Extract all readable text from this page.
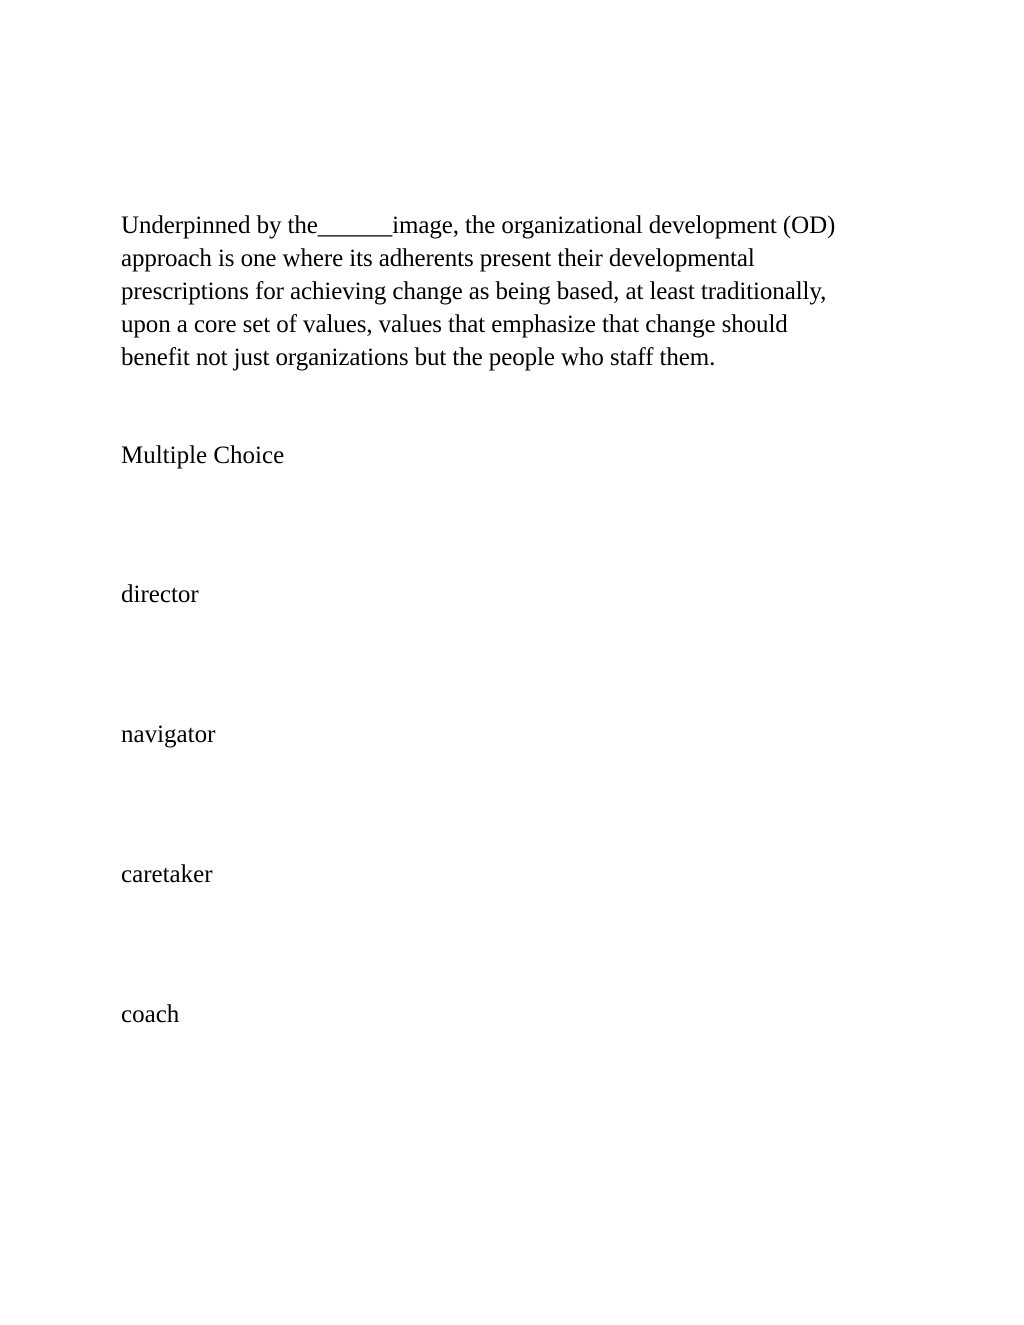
Underpinned by the______image, the organizational development (OD)
approach is one where its adherents present their developmental
prescriptions for achieving change as being based, at least traditionally,
upon a core set of values, values that emphasize that change should
benefit not just organizations but the people who staff them.

Multiple Choice

director
navigator
caretaker
coach
